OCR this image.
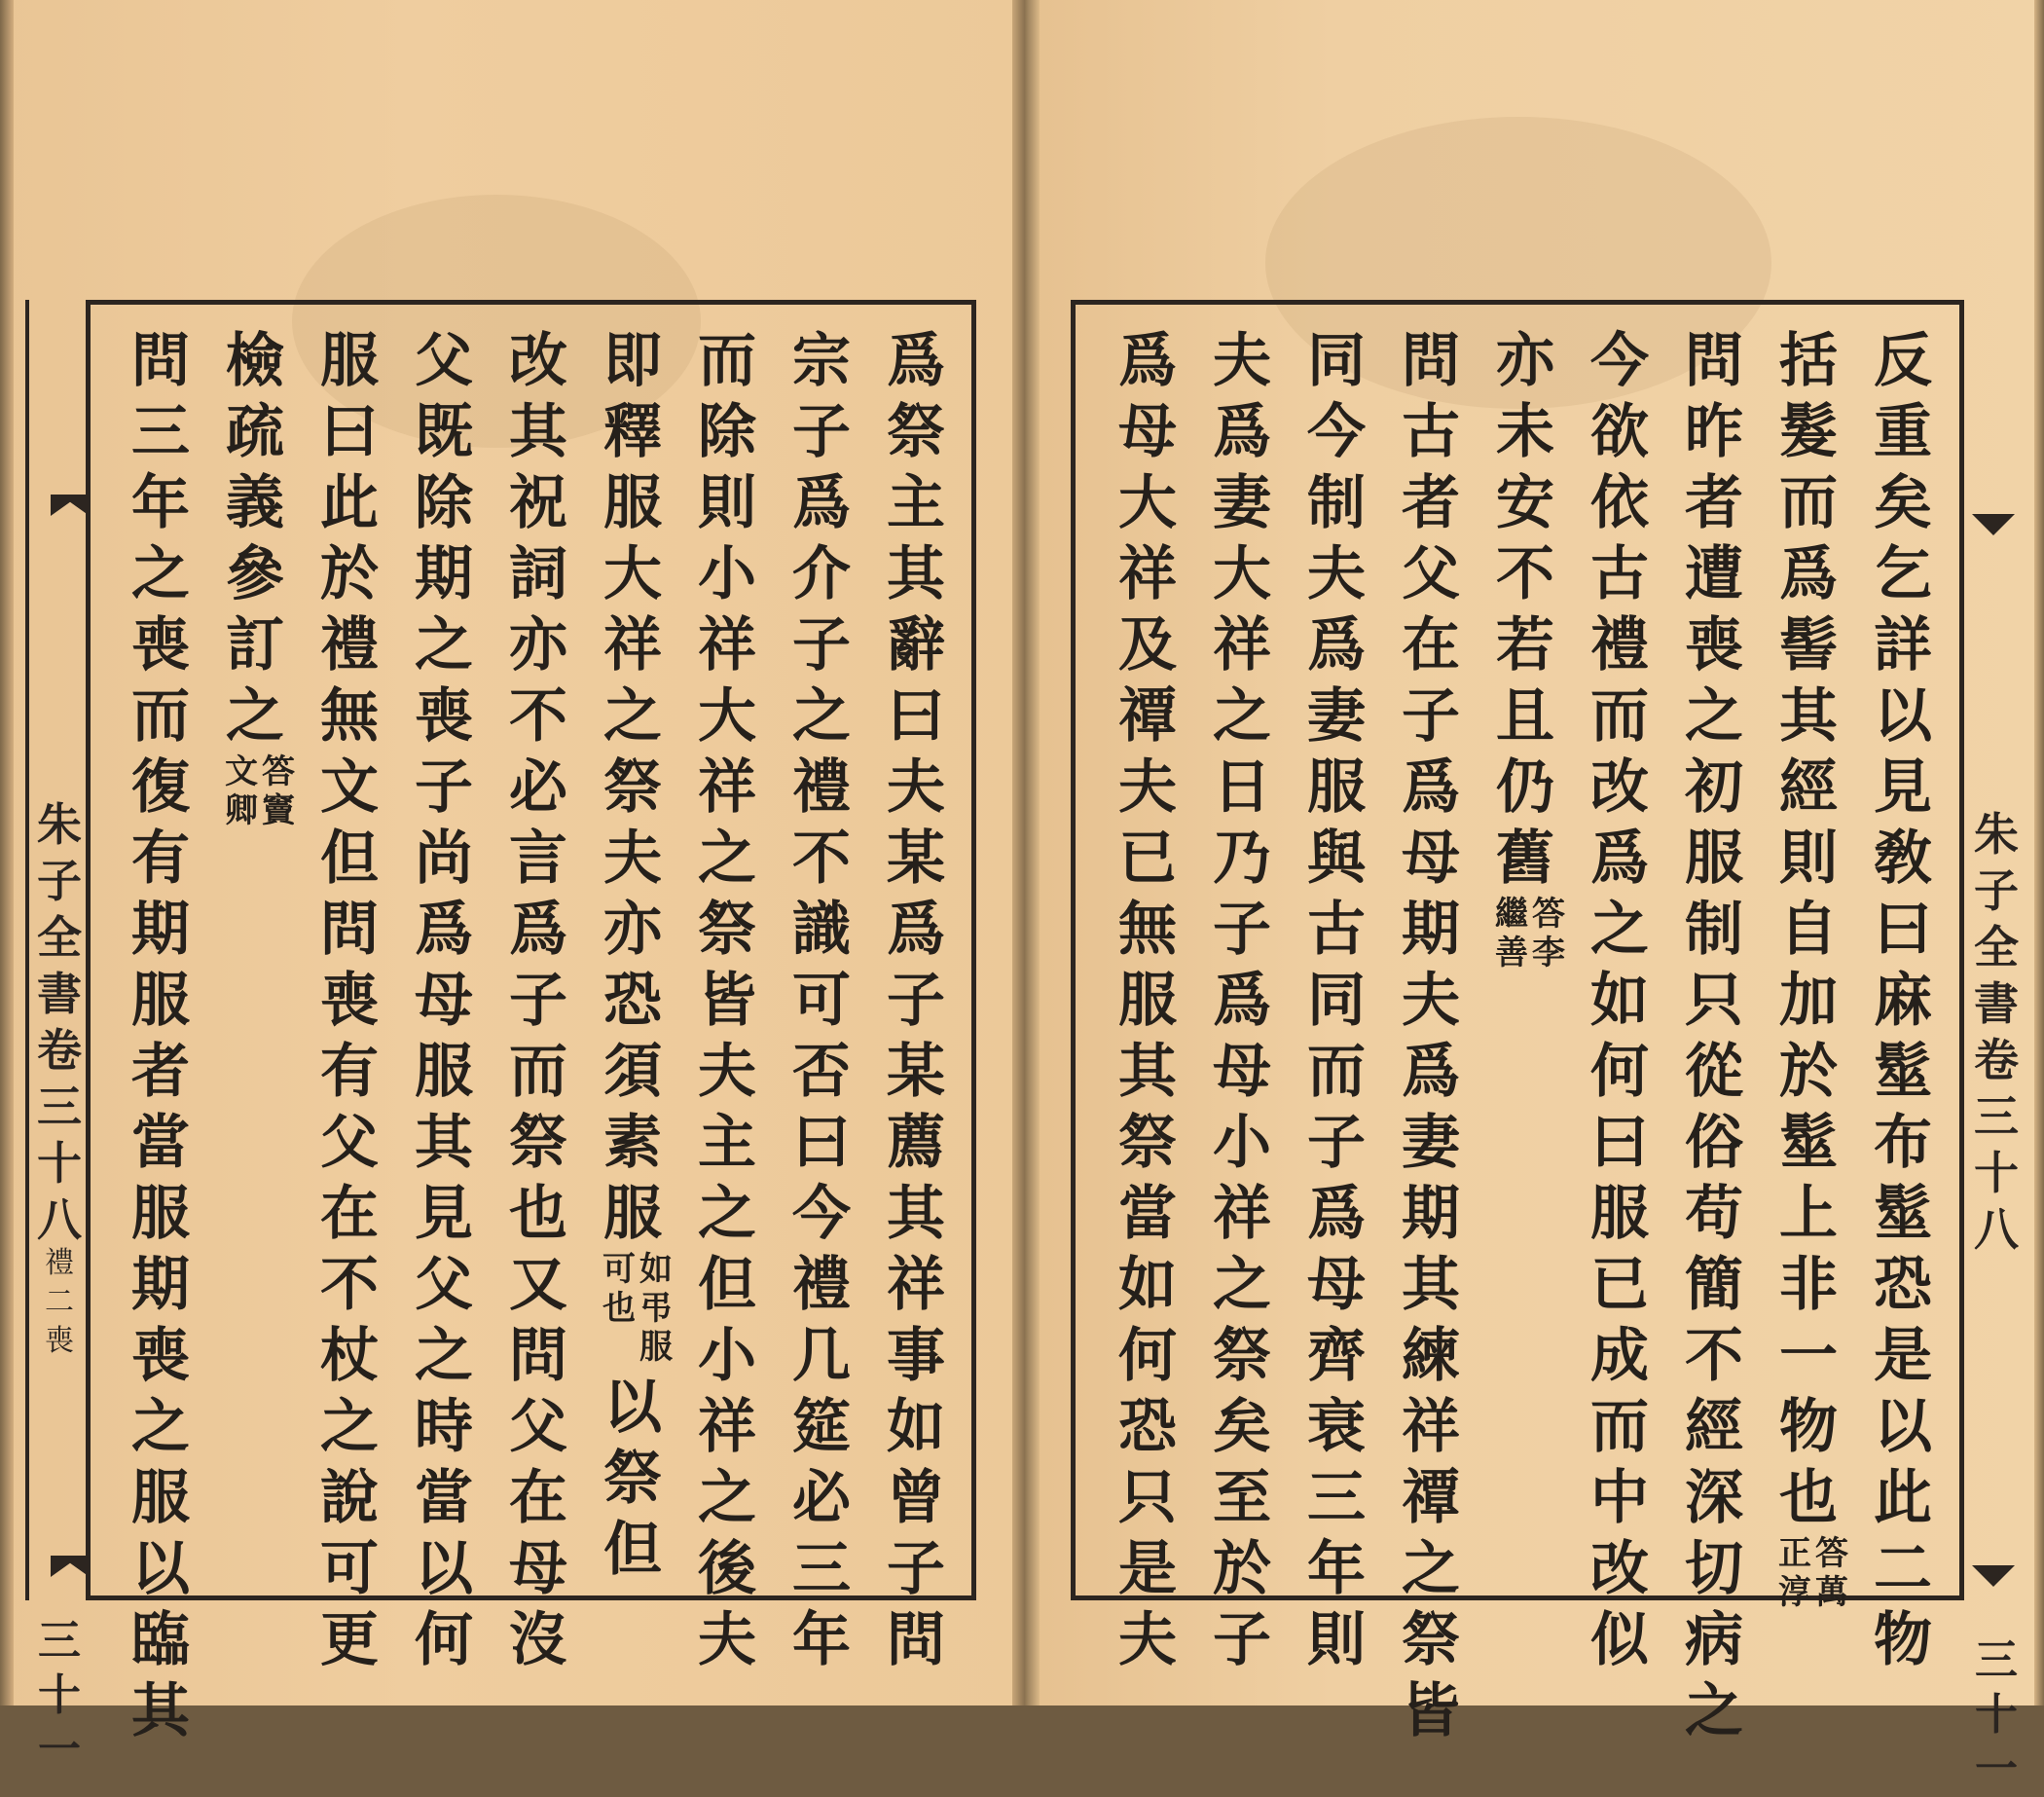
朱
子
全
書
卷
三
十
八
禮
二
喪
三
十
一
爲
祭
主
其
辭
曰
夫
某
爲
子
某
薦
其
祥
事
如
曾
子
問
宗
子
爲
介
子
之
禮
不
識
可
否
曰
今
禮
几
筵
必
三
年
而
除
則
小
祥
大
祥
之
祭
皆
夫
主
之
但
小
祥
之
後
夫
即
釋
服
大
祥
之
祭
夫
亦
恐
須
素
服
如
弔
服
可
也
以
祭
但
改
其
祝
詞
亦
不
必
言
爲
子
而
祭
也
又
問
父
在
母
沒
父
既
除
期
之
喪
子
尚
爲
母
服
其
見
父
之
時
當
以
何
服
曰
此
於
禮
無
文
但
問
喪
有
父
在
不
杖
之
說
可
更
檢
疏
義
參
訂
之
答
竇
文
卿
問
三
年
之
喪
而
復
有
期
服
者
當
服
期
喪
之
服
以
臨
其
反
重
矣
乞
詳
以
見
敎
曰
麻
髽
布
髽
恐
是
以
此
二
物
括
髮
而
爲
髻
其
經
則
自
加
於
髽
上
非
一
物
也
答
萬
正
淳
問
昨
者
遭
喪
之
初
服
制
只
從
俗
苟
簡
不
經
深
切
病
之
今
欲
依
古
禮
而
改
爲
之
如
何
曰
服
已
成
而
中
改
似
亦
未
安
不
若
且
仍
舊
答
李
繼
善
問
古
者
父
在
子
爲
母
期
夫
爲
妻
期
其
練
祥
禫
之
祭
皆
同
今
制
夫
爲
妻
服
與
古
同
而
子
爲
母
齊
衰
三
年
則
夫
爲
妻
大
祥
之
日
乃
子
爲
母
小
祥
之
祭
矣
至
於
子
爲
母
大
祥
及
禫
夫
已
無
服
其
祭
當
如
何
恐
只
是
夫
朱
子
全
書
卷
三
十
八
三
十
一
